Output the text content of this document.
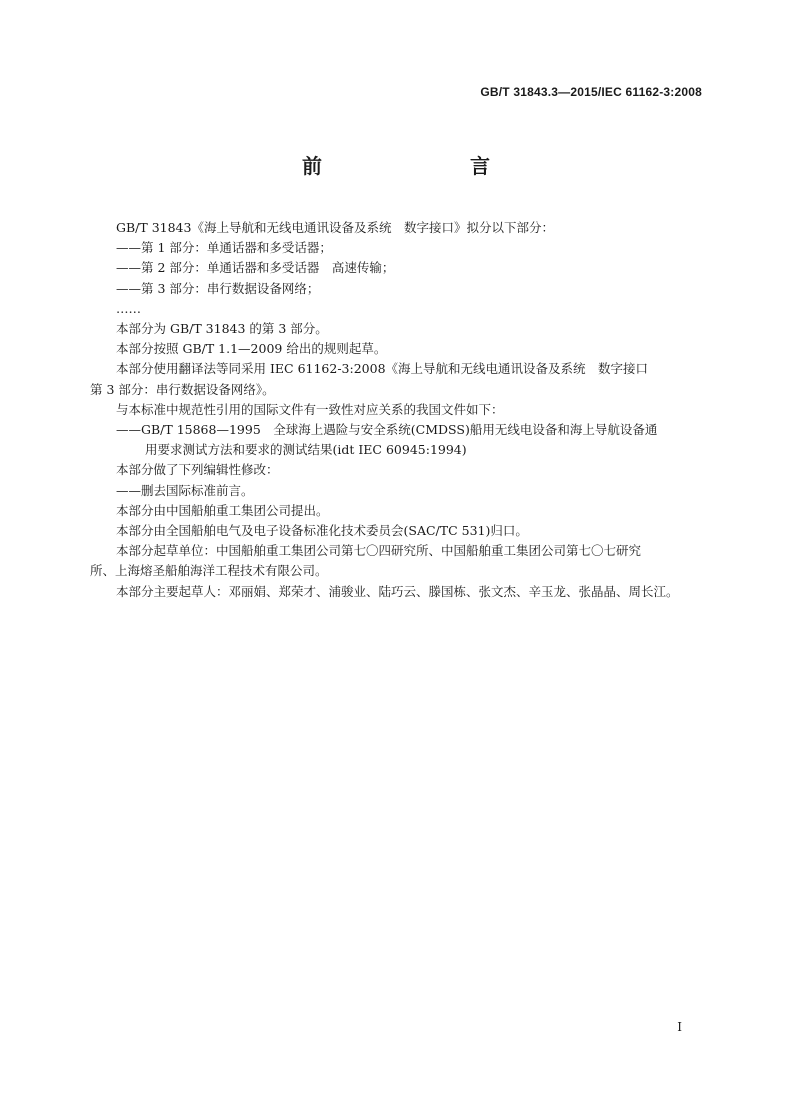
GB/T 31843.3—2015/IEC 61162-3:2008
前　　言

GB/T 31843《海上导航和无线电通讯设备及系统　数字接口》拟分以下部分：

——第 1 部分：单通话器和多受话器；

——第 2 部分：单通话器和多受话器　高速传输；

——第 3 部分：串行数据设备网络；

……

本部分为 GB/T 31843 的第 3 部分。

本部分按照 GB/T 1.1—2009 给出的规则起草。

本部分使用翻译法等同采用 IEC 61162-3:2008《海上导航和无线电通讯设备及系统　数字接口

第 3 部分：串行数据设备网络》。

与本标准中规范性引用的国际文件有一致性对应关系的我国文件如下：

——GB/T 15868—1995　全球海上遇险与安全系统(CMDSS)船用无线电设备和海上导航设备通

用要求测试方法和要求的测试结果(idt IEC 60945:1994)

本部分做了下列编辑性修改：

——删去国际标准前言。

本部分由中国船舶重工集团公司提出。

本部分由全国船舶电气及电子设备标准化技术委员会(SAC/TC 531)归口。

本部分起草单位：中国船舶重工集团公司第七〇四研究所、中国船舶重工集团公司第七〇七研究

所、上海熔圣船舶海洋工程技术有限公司。

本部分主要起草人：邓丽娟、郑荣才、浦骏业、陆巧云、滕国栋、张文杰、辛玉龙、张晶晶、周长江。

I
